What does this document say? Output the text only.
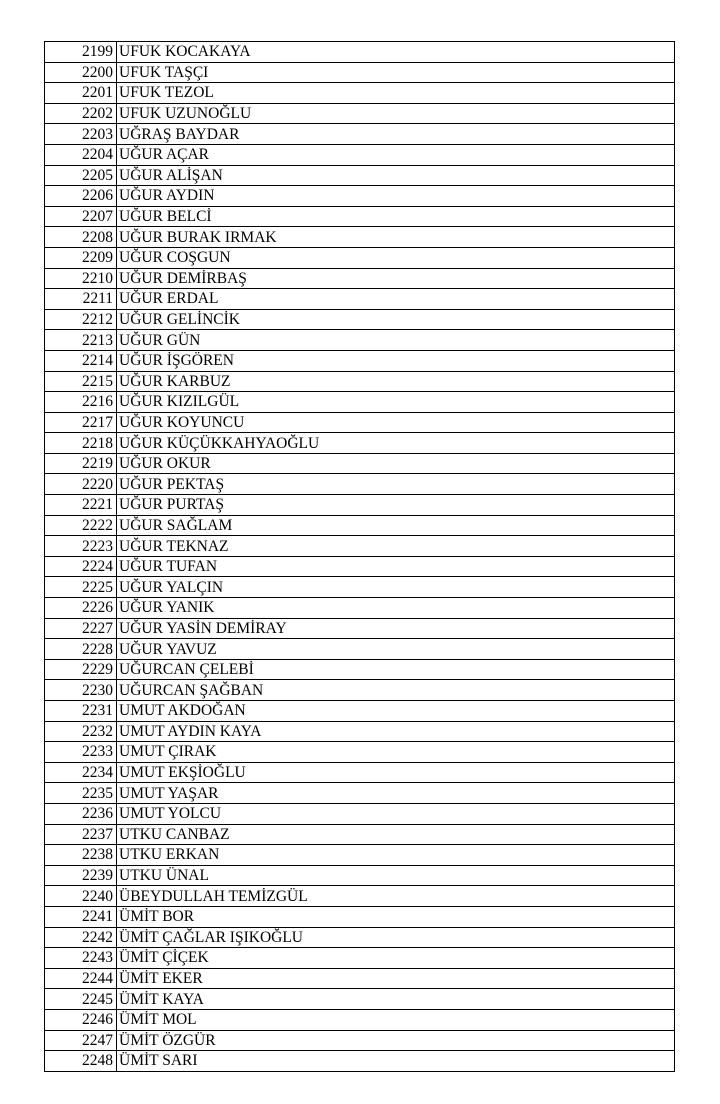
2199	UFUK KOCAKAYA
2200	UFUK TAŞÇI
2201	UFUK TEZOL
2202	UFUK UZUNOĞLU
2203	UĞRAŞ BAYDAR
2204	UĞUR AÇAR
2205	UĞUR ALİŞAN
2206	UĞUR AYDIN
2207	UĞUR BELCİ
2208	UĞUR BURAK IRMAK
2209	UĞUR COŞGUN
2210	UĞUR DEMİRBAŞ
2211	UĞUR ERDAL
2212	UĞUR GELİNCİK
2213	UĞUR GÜN
2214	UĞUR İŞGÖREN
2215	UĞUR KARBUZ
2216	UĞUR KIZILGÜL
2217	UĞUR KOYUNCU
2218	UĞUR KÜÇÜKKAHYAOĞLU
2219	UĞUR OKUR
2220	UĞUR PEKTAŞ
2221	UĞUR PURTAŞ
2222	UĞUR SAĞLAM
2223	UĞUR TEKNAZ
2224	UĞUR TUFAN
2225	UĞUR YALÇIN
2226	UĞUR YANIK
2227	UĞUR YASİN DEMİRAY
2228	UĞUR YAVUZ
2229	UĞURCAN ÇELEBİ
2230	UĞURCAN ŞAĞBAN
2231	UMUT AKDOĞAN
2232	UMUT AYDIN KAYA
2233	UMUT ÇIRAK
2234	UMUT EKŞİOĞLU
2235	UMUT YAŞAR
2236	UMUT YOLCU
2237	UTKU CANBAZ
2238	UTKU ERKAN
2239	UTKU ÜNAL
2240	ÜBEYDULLAH TEMİZGÜL
2241	ÜMİT BOR
2242	ÜMİT ÇAĞLAR IŞIKOĞLU
2243	ÜMİT ÇİÇEK
2244	ÜMİT EKER
2245	ÜMİT KAYA
2246	ÜMİT MOL
2247	ÜMİT ÖZGÜR
2248	ÜMİT SARI
